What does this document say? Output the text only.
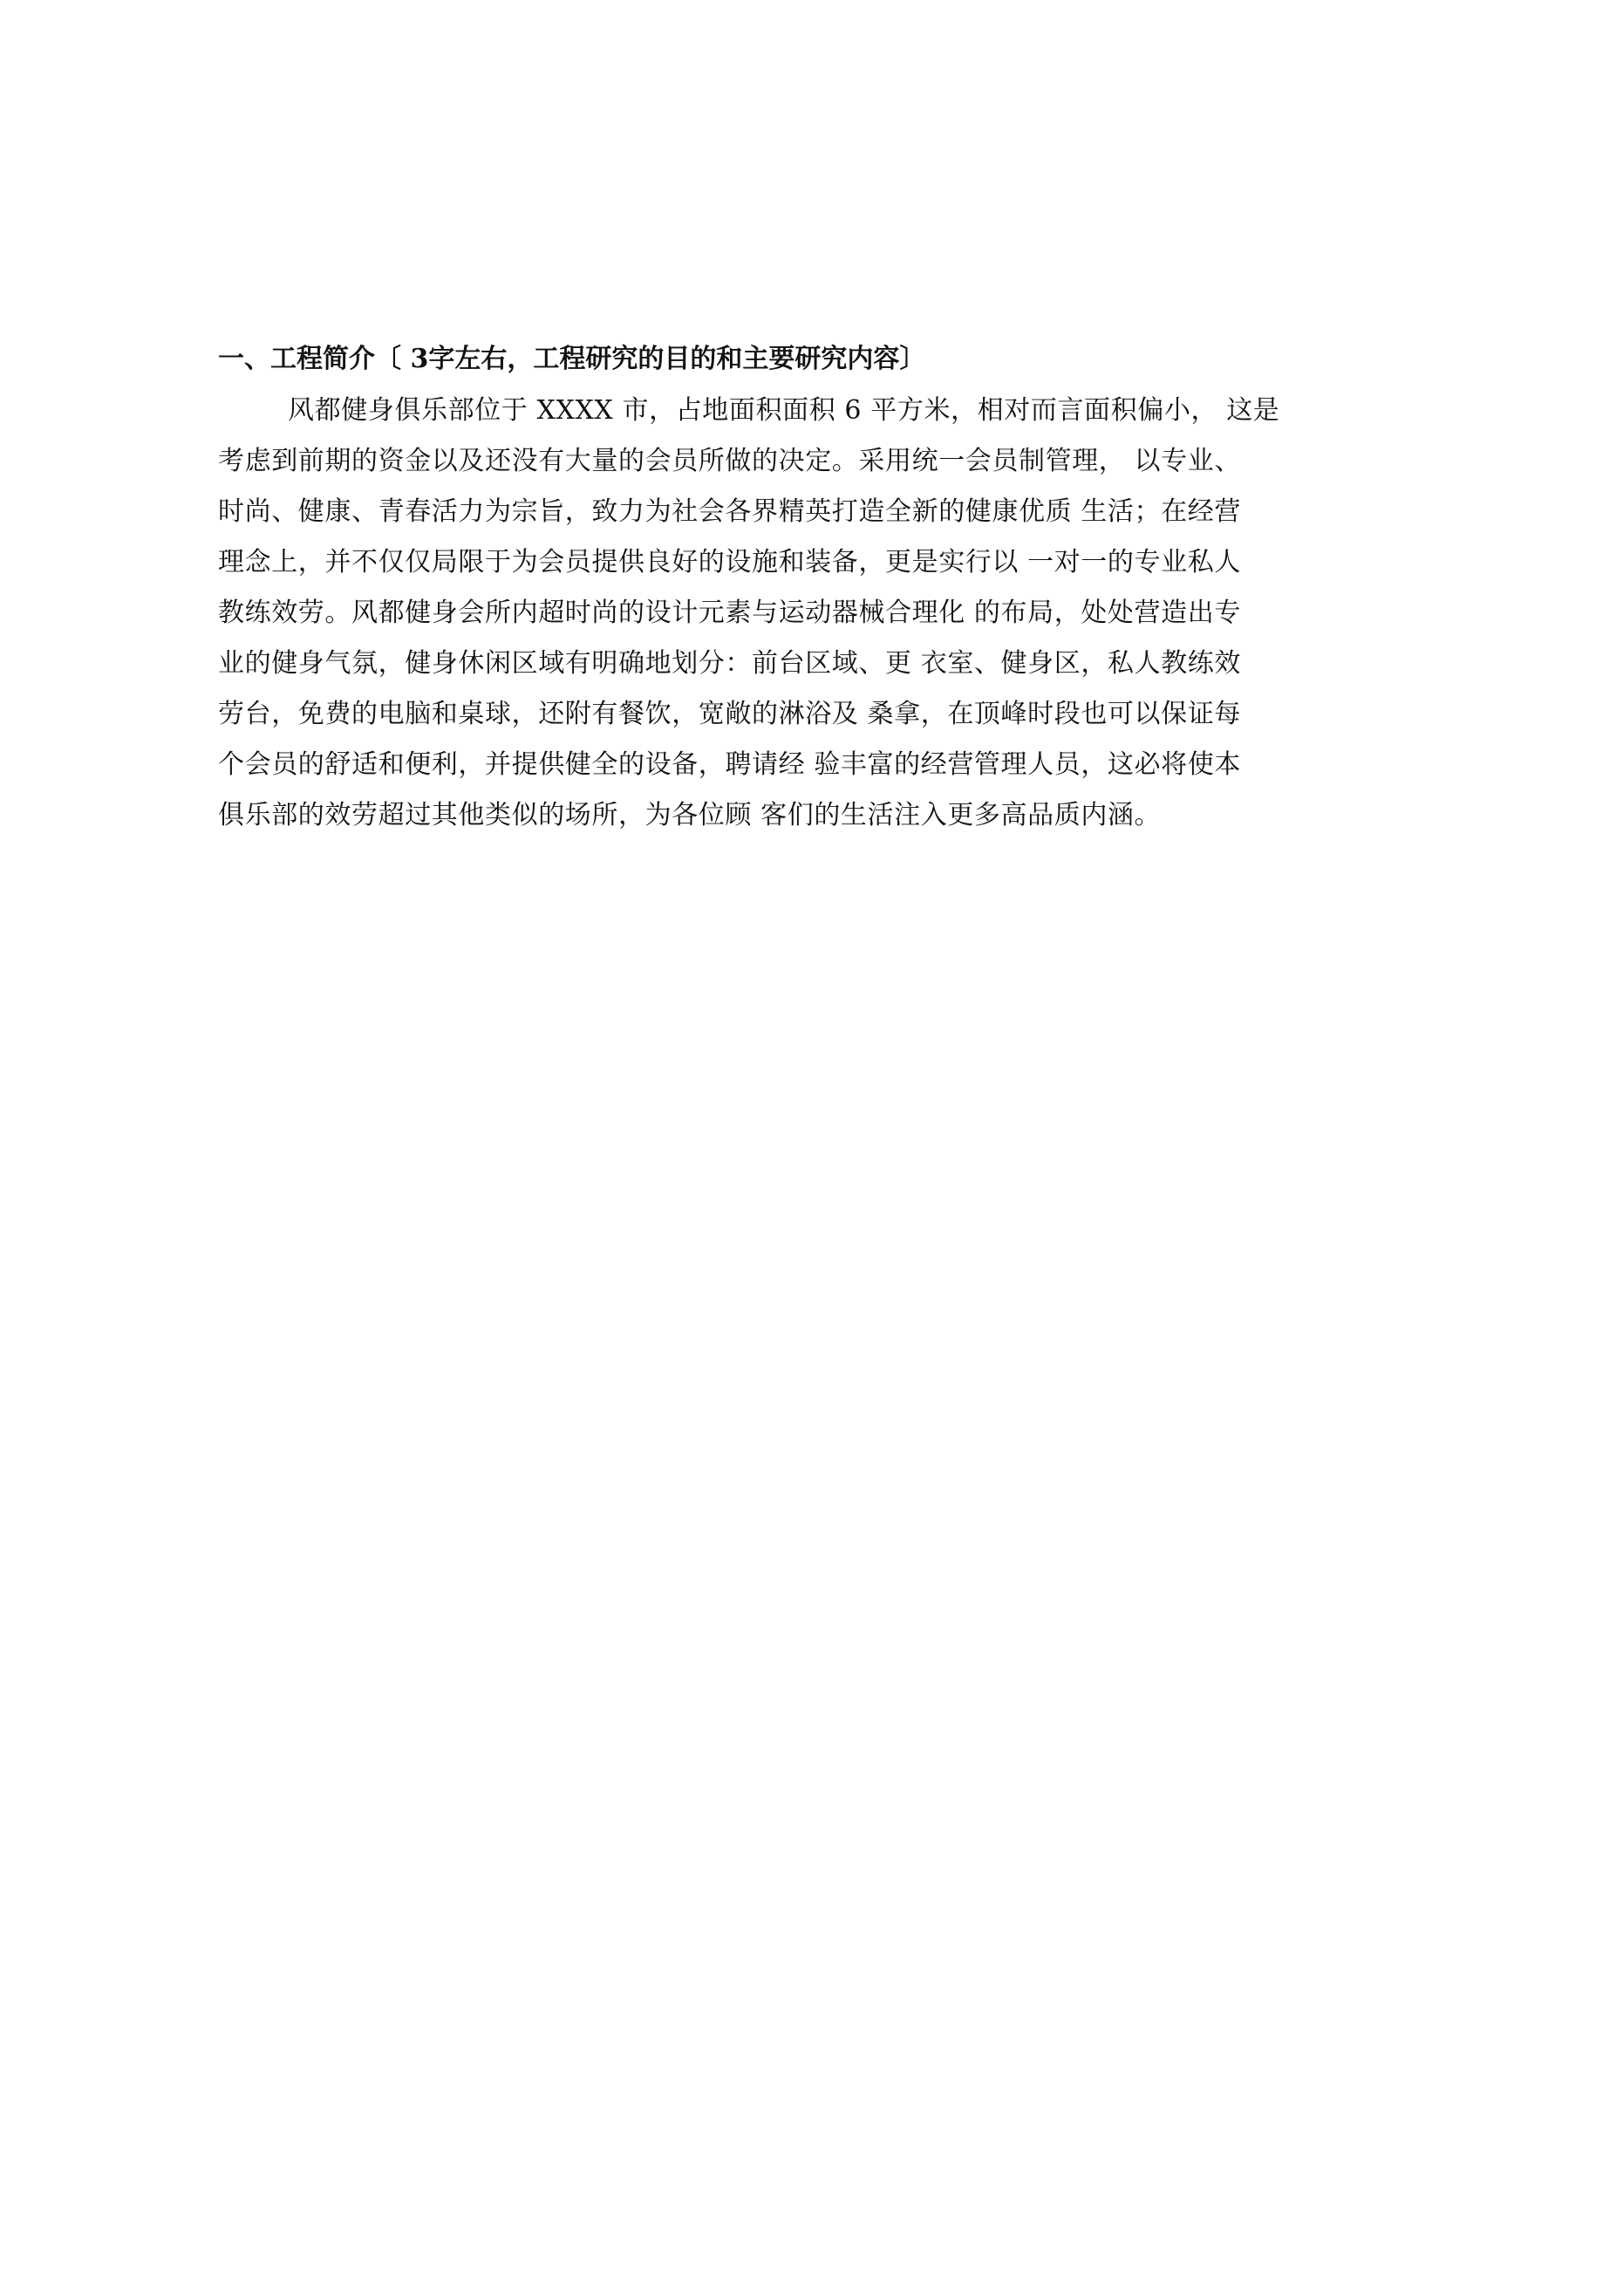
一、工程简介〔 3字左右，工程研究的目的和主要研究内容〕
风都健身俱乐部位于 XXXX 市，占地面积面积 6 平方米，相对而言面积偏小， 这是
考虑到前期的资金以及还没有大量的会员所做的决定。采用统一会员制管理， 以专业、
时尚、健康、青春活力为宗旨，致力为社会各界精英打造全新的健康优质 生活；在经营
理念上，并不仅仅局限于为会员提供良好的设施和装备，更是实行以 一对一的专业私人
教练效劳。风都健身会所内超时尚的设计元素与运动器械合理化 的布局，处处营造出专
业的健身气氛，健身休闲区域有明确地划分：前台区域、更 衣室、健身区，私人教练效
劳台，免费的电脑和桌球，还附有餐饮，宽敞的淋浴及 桑拿，在顶峰时段也可以保证每
个会员的舒适和便利，并提供健全的设备，聘请经 验丰富的经营管理人员，这必将使本
俱乐部的效劳超过其他类似的场所，为各位顾 客们的生活注入更多高品质内涵。
